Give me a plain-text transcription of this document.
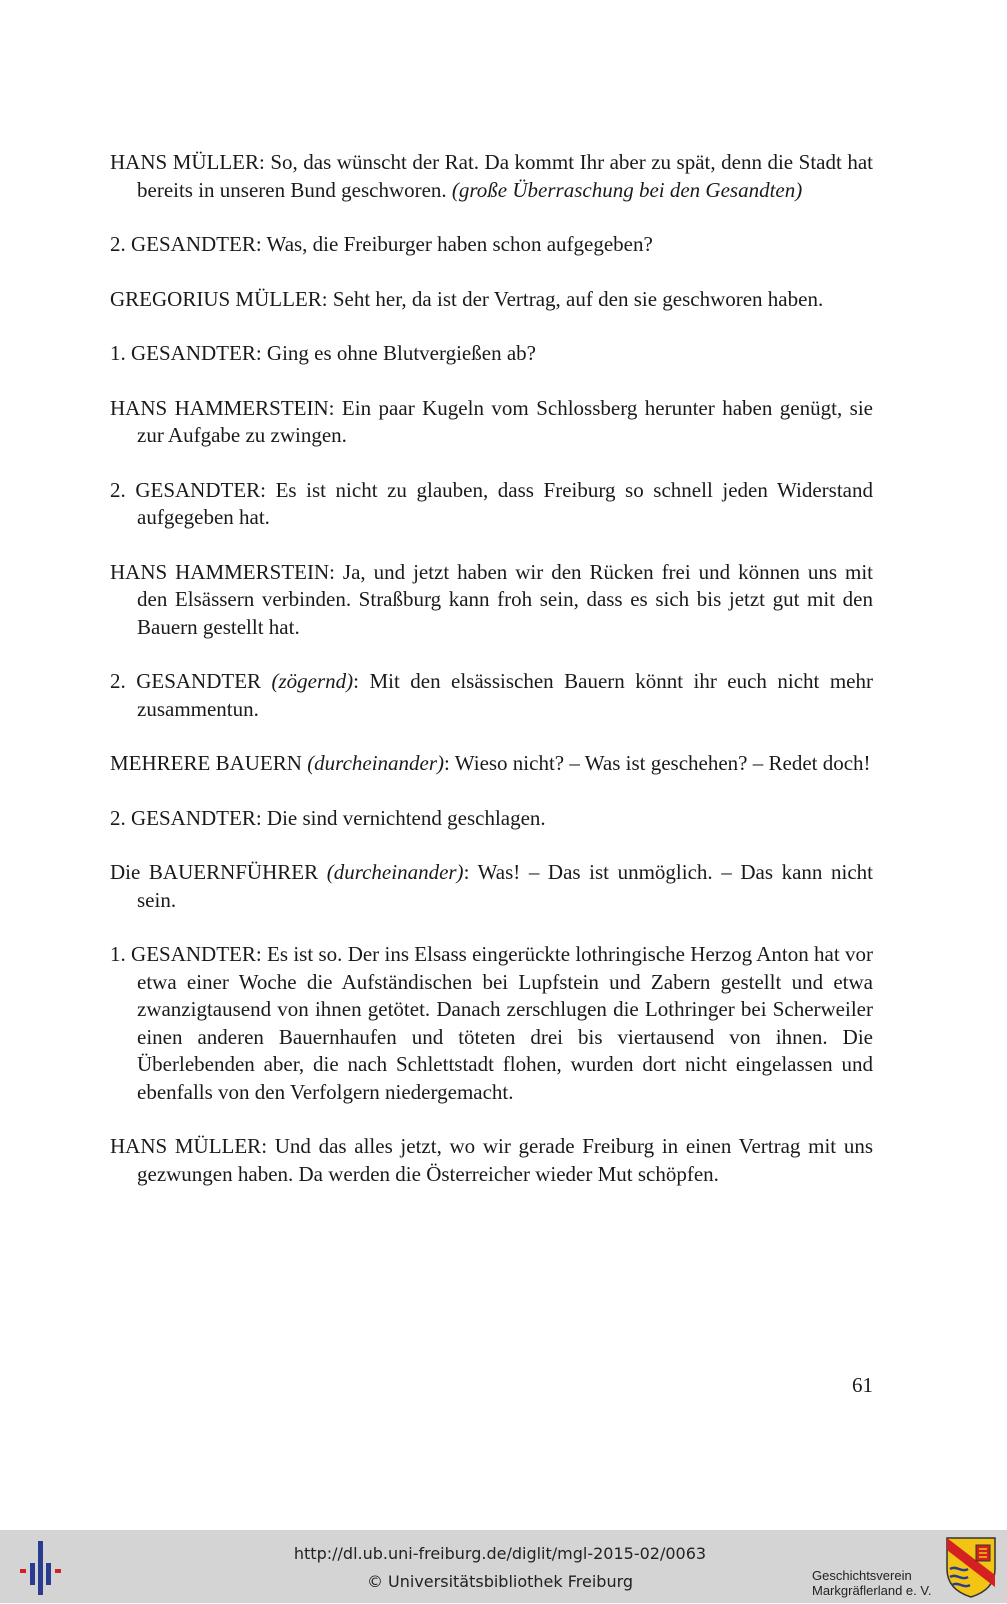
HANS MÜLLER: So, das wünscht der Rat. Da kommt Ihr aber zu spät, denn die Stadt hat bereits in unseren Bund geschworen. (große Überraschung bei den Gesandten)

2. GESANDTER: Was, die Freiburger haben schon aufgegeben?

GREGORIUS MÜLLER: Seht her, da ist der Vertrag, auf den sie geschworen haben.

1. GESANDTER: Ging es ohne Blutvergießen ab?

HANS HAMMERSTEIN: Ein paar Kugeln vom Schlossberg herunter haben genügt, sie zur Aufgabe zu zwingen.

2. GESANDTER: Es ist nicht zu glauben, dass Freiburg so schnell jeden Widerstand aufgegeben hat.

HANS HAMMERSTEIN: Ja, und jetzt haben wir den Rücken frei und können uns mit den Elsässern verbinden. Straßburg kann froh sein, dass es sich bis jetzt gut mit den Bauern gestellt hat.

2. GESANDTER (zögernd): Mit den elsässischen Bauern könnt ihr euch nicht mehr zusammentun.

MEHRERE BAUERN (durcheinander): Wieso nicht? – Was ist geschehen? – Redet doch!

2. GESANDTER: Die sind vernichtend geschlagen.

Die BAUERNFÜHRER (durcheinander): Was! – Das ist unmöglich. – Das kann nicht sein.

1. GESANDTER: Es ist so. Der ins Elsass eingerückte lothringische Herzog Anton hat vor etwa einer Woche die Aufständischen bei Lupfstein und Zabern gestellt und etwa zwanzigtausend von ihnen getötet. Danach zerschlugen die Lothringer bei Scherweiler einen anderen Bauernhaufen und töteten drei bis viertausend von ihnen. Die Überlebenden aber, die nach Schlettstadt flohen, wurden dort nicht eingelassen und ebenfalls von den Verfolgern niedergemacht.

HANS MÜLLER: Und das alles jetzt, wo wir gerade Freiburg in einen Vertrag mit uns gezwungen haben. Da werden die Österreicher wieder Mut schöpfen.

61
http://dl.ub.uni-freiburg.de/diglit/mgl-2015-02/0063
© Universitätsbibliothek Freiburg	Geschichtsverein
Markgräflerland e. V.
